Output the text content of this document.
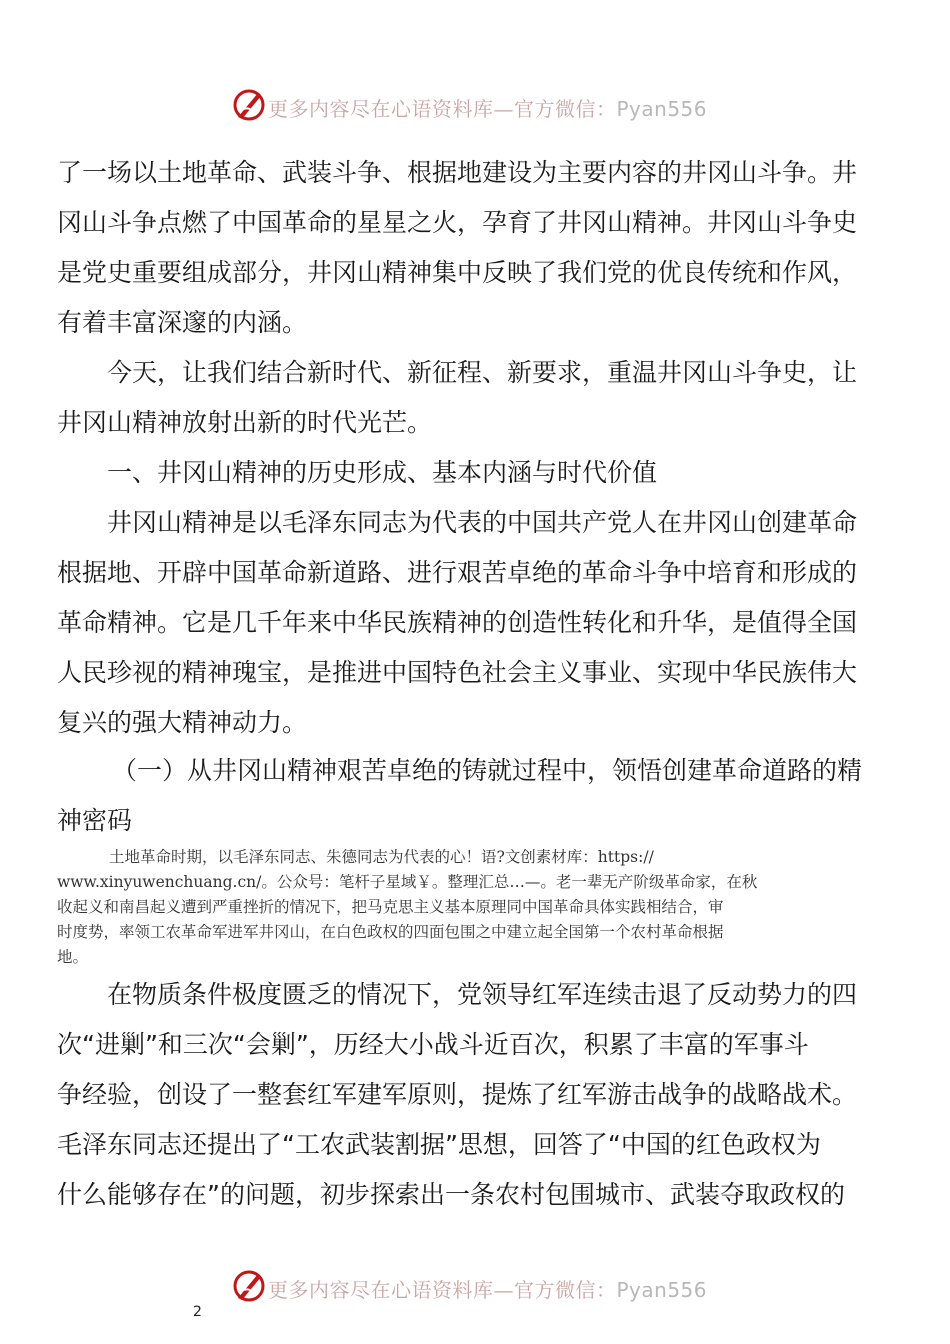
更多内容尽在心语资料库—官方微信：Pyan556
了一场以土地革命、武装斗争、根据地建设为主要内容的井冈山斗争。井
冈山斗争点燃了中国革命的星星之火，孕育了井冈山精神。井冈山斗争史
是党史重要组成部分，井冈山精神集中反映了我们党的优良传统和作风，
有着丰富深邃的内涵。
今天，让我们结合新时代、新征程、新要求，重温井冈山斗争史，让
井冈山精神放射出新的时代光芒。
一、井冈山精神的历史形成、基本内涵与时代价值
井冈山精神是以毛泽东同志为代表的中国共产党人在井冈山创建革命
根据地、开辟中国革命新道路、进行艰苦卓绝的革命斗争中培育和形成的
革命精神。它是几千年来中华民族精神的创造性转化和升华，是值得全国
人民珍视的精神瑰宝，是推进中国特色社会主义事业、实现中华民族伟大
复兴的强大精神动力。
（一）从井冈山精神艰苦卓绝的铸就过程中，领悟创建革命道路的精
神密码
土地革命时期，以毛泽东同志、朱德同志为代表的心！语?文创素材库：https://
www.xinyuwenchuang.cn/。公众号：笔杆子星域￥。整理汇总…—。老一辈无产阶级革命家，在秋
收起义和南昌起义遭到严重挫折的情况下，把马克思主义基本原理同中国革命具体实践相结合，审
时度势，率领工农革命军进军井冈山，在白色政权的四面包围之中建立起全国第一个农村革命根据
地。
在物质条件极度匮乏的情况下，党领导红军连续击退了反动势力的四
次“进剿”和三次“会剿”，历经大小战斗近百次，积累了丰富的军事斗
争经验，创设了一整套红军建军原则，提炼了红军游击战争的战略战术。
毛泽东同志还提出了“工农武装割据”思想，回答了“中国的红色政权为
什么能够存在”的问题，初步探索出一条农村包围城市、武装夺取政权的
更多内容尽在心语资料库—官方微信：Pyan556
2
